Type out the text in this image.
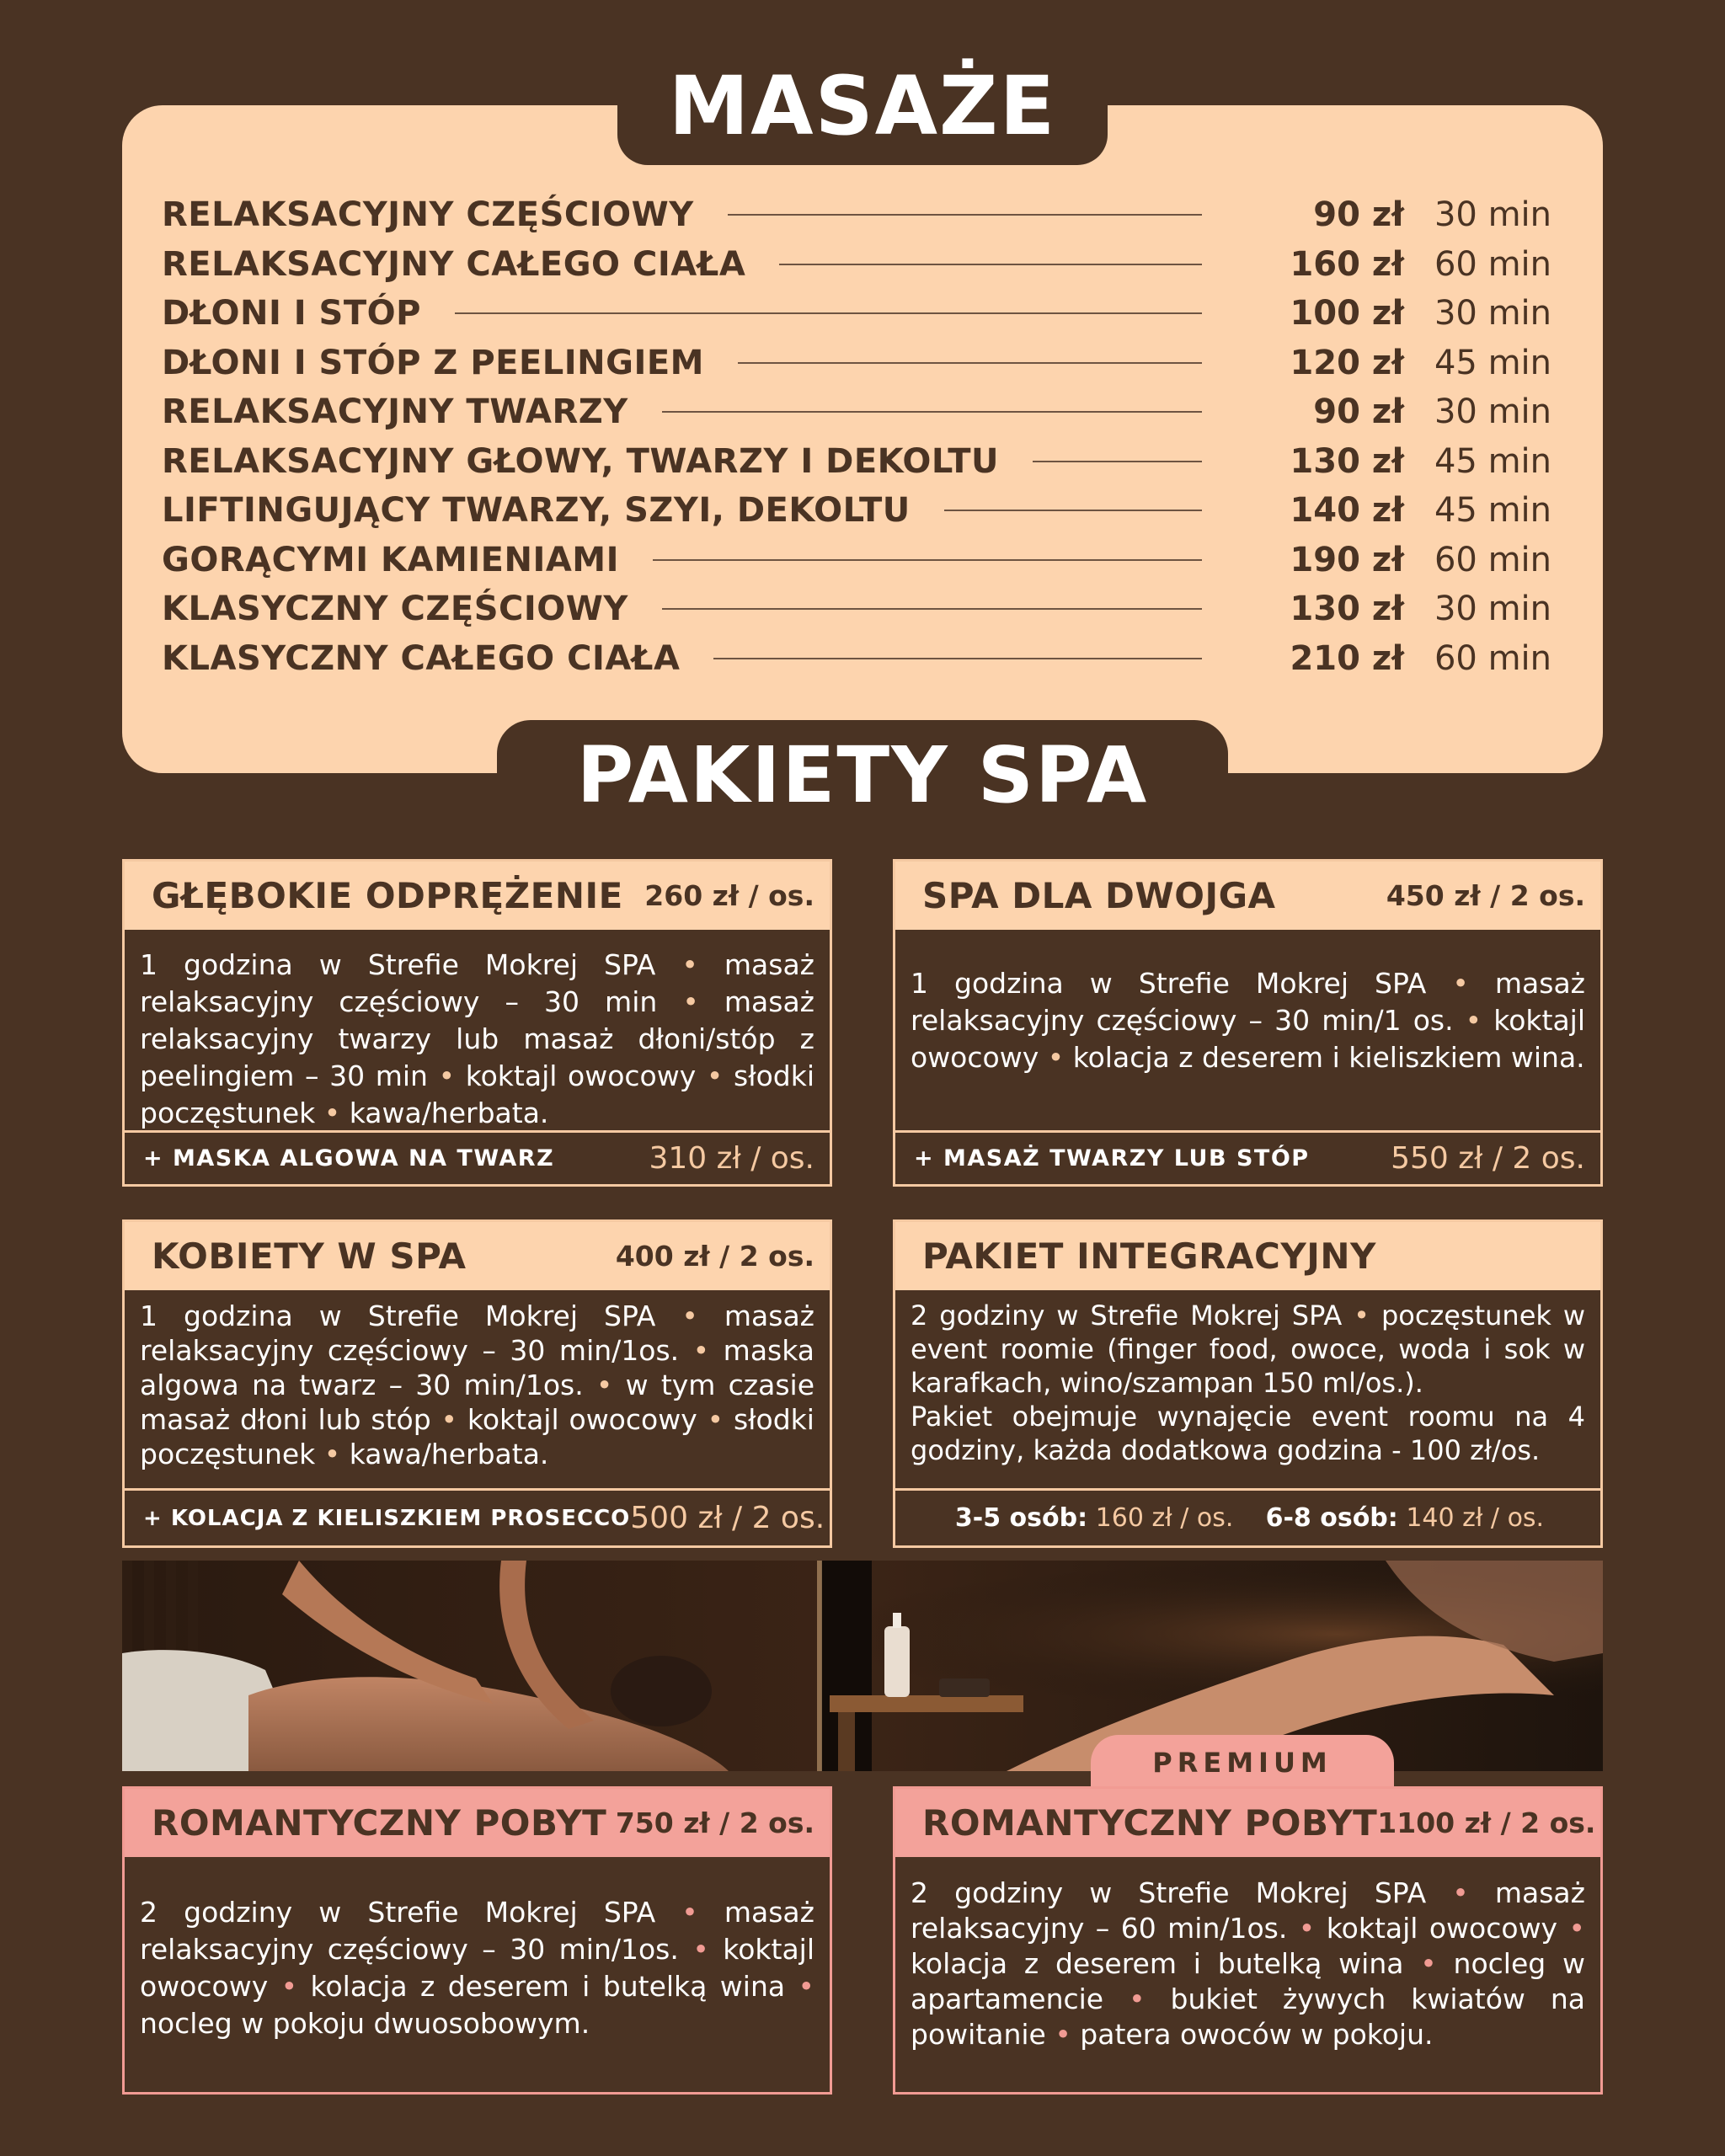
MASAŻE
RELAKSACYJNY CZĘŚCIOWY	90 zł 30 min
RELAKSACYJNY CAŁEGO CIAŁA	160 zł 60 min
DŁONI I STÓP	100 zł 30 min
DŁONI I STÓP Z PEELINGIEM	120 zł 45 min
RELAKSACYJNY TWARZY	90 zł 30 min
RELAKSACYJNY GŁOWY, TWARZY I DEKOLTU	130 zł 45 min
LIFTINGUJĄCY TWARZY, SZYI, DEKOLTU	140 zł 45 min
GORĄCYMI KAMIENIAMI	190 zł 60 min
KLASYCZNY CZĘŚCIOWY	130 zł 30 min
KLASYCZNY CAŁEGO CIAŁA	210 zł 60 min
PAKIETY SPA
GŁĘBOKIE ODPRĘŻENIE 260 zł / os.
1 godzina w Strefie Mokrej SPA • masaż relaksacyjny częściowy – 30 min • masaż relaksacyjny twarzy lub masaż dłoni/stóp z peelingiem – 30 min • koktajl owocowy • słodki poczęstunek • kawa/herbata.
+ MASKA ALGOWA NA TWARZ	310 zł / os.
SPA DLA DWOJGA	450 zł / 2 os.
1 godzina w Strefie Mokrej SPA • masaż relaksacyjny częściowy – 30 min/1 os. • koktajl owocowy • kolacja z deserem i kieliszkiem wina.
+ MASAŻ TWARZY LUB STÓP	550 zł / 2 os.
KOBIETY W SPA	400 zł / 2 os.
1 godzina w Strefie Mokrej SPA • masaż relaksacyjny częściowy – 30 min/1os. • maska algowa na twarz – 30 min/1os. • w tym czasie masaż dłoni lub stóp • koktajl owocowy • słodki poczęstunek • kawa/herbata.
+ KOLACJA Z KIELISZKIEM PROSECCO 500 zł / 2 os.
PAKIET INTEGRACYJNY
2 godziny w Strefie Mokrej SPA • poczęstunek w event roomie (finger food, owoce, woda i sok w karafkach, wino/szampan 150 ml/os.).
Pakiet obejmuje wynajęcie event roomu na 4 godziny, każda dodatkowa godzina - 100 zł/os.
3-5 osób: 160 zł / os. 6-8 osób: 140 zł / os.
PREMIUM
ROMANTYCZNY POBYT 750 zł / 2 os.
2 godziny w Strefie Mokrej SPA • masaż relaksacyjny częściowy – 30 min/1os. • koktajl owocowy • kolacja z deserem i butelką wina • nocleg w pokoju dwuosobowym.
ROMANTYCZNY POBYT 1100 zł / 2 os.
2 godziny w Strefie Mokrej SPA • masaż relaksacyjny – 60 min/1os. • koktajl owocowy • kolacja z deserem i butelką wina • nocleg w apartamencie • bukiet żywych kwiatów na powitanie • patera owoców w pokoju.
